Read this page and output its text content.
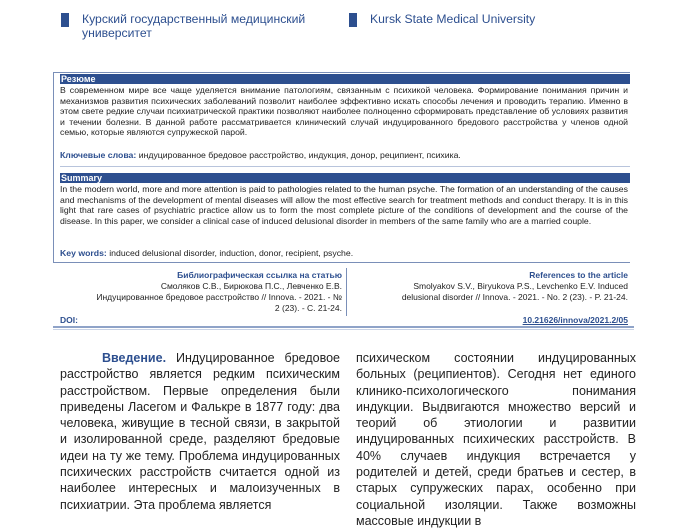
Курский государственный медицинский университет
Kursk State Medical University
Резюме
В современном мире все чаще уделяется внимание патологиям, связанным с психикой человека. Формирование понимания причин и механизмов развития психических заболеваний позволит наиболее эффективно искать способы лечения и проводить терапию. Именно в этом свете редкие случаи психиатрической практики позволяют наиболее полноценно сформировать представление об условиях развития и течении болезни. В данной работе рассматривается клинический случай индуцированного бредового расстройства у членов одной семью, которые являются супружеской парой.
Ключевые слова: индуцированное бредовое расстройство, индукция, донор, реципиент, психика.
Summary
In the modern world, more and more attention is paid to pathologies related to the human psyche. The formation of an understanding of the causes and mechanisms of the development of mental diseases will allow the most effective search for treatment methods and conduct therapy. It is in this light that rare cases of psychiatric practice allow us to form the most complete picture of the conditions of development and the course of the disease. In this paper, we consider a clinical case of induced delusional disorder in members of the same family who are a married couple.
Key words: induced delusional disorder, induction, donor, recipient, psyche.
Библиографическая ссылка на статью
Смоляков С.В., Бирюкова П.С., Левченко Е.В.
Индуцированное бредовое расстройство // Innova. - 2021. - №
2 (23). - С. 21-24.
References to the article
Smolyakov S.V., Biryukova P.S., Levchenko E.V. Induced
delusional disorder // Innova. - 2021. - No. 2 (23). - P. 21-24.
DOI:	10.21626/innova/2021.2/05
Введение. Индуцированное бредовое расстройство является редким психическим расстройством. Первые определения были приведены Ласегом и Фалькре в 1877 году: два человека, живущие в тесной связи, в закрытой и изолированной среде, разделяют бредовые идеи на ту же тему. Проблема индуцированных психических расстройств считается одной из наиболее интересных и малоизученных в психиатрии. Эта проблема является
психическом состоянии индуцированных больных (реципиентов). Сегодня нет единого клинико-психологического понимания индукции. Выдвигаются множество версий и теорий об этиологии и развитии индуцированных психических расстройств. В 40% случаев индукция встречается у родителей и детей, среди братьев и сестер, в старых супружеских парах, особенно при социальной изоляции. Также возможны массовые индукции в
